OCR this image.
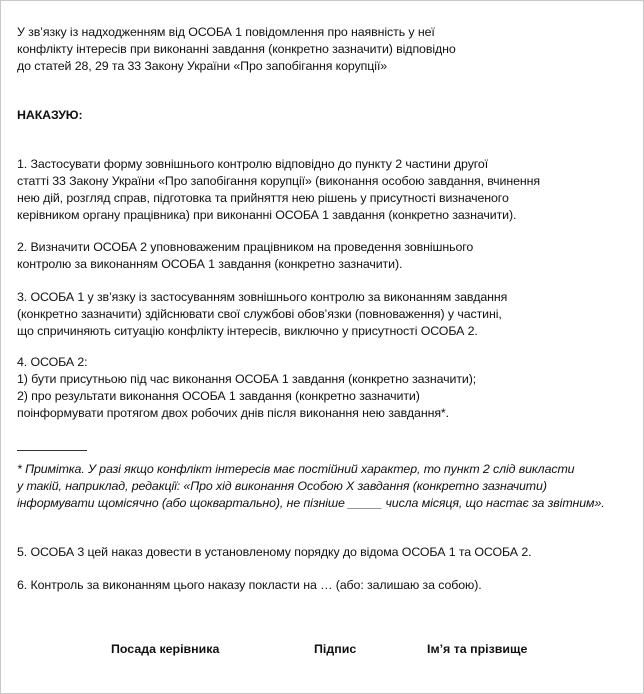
У зв’язку із надходженням від ОСОБА 1 повідомлення про наявність у неї
конфлікту інтересів при виконанні завдання (конкретно зазначити) відповідно
до статей 28, 29 та 33 Закону України «Про запобігання корупції»
НАКАЗУЮ:
1. Застосувати форму зовнішнього контролю відповідно до пункту 2 частини другої
статті 33 Закону України «Про запобігання корупції» (виконання особою завдання, вчинення
нею дій, розгляд справ, підготовка та прийняття нею рішень у присутності визначеного
керівником органу працівника) при виконанні ОСОБА 1 завдання (конкретно зазначити).
2. Визначити ОСОБА 2 уповноваженим працівником на проведення зовнішнього
контролю за виконанням ОСОБА 1 завдання (конкретно зазначити).
3. ОСОБА 1 у зв’язку із застосуванням зовнішнього контролю за виконанням завдання
(конкретно зазначити) здійснювати свої службові обов’язки (повноваження) у частині,
що спричиняють ситуацію конфлікту інтересів, виключно у присутності ОСОБА 2.
4. ОСОБА 2:
1) бути присутньою під час виконання ОСОБА 1 завдання (конкретно зазначити);
2) про результати виконання ОСОБА 1 завдання (конкретно зазначити)
поінформувати протягом двох робочих днів після виконання нею завдання*.
* Примітка. У разі якщо конфлікт інтересів має постійний характер, то пункт 2 слід викласти
у такій, наприклад, редакції: «Про хід виконання Особою Х завдання (конкретно зазначити)
інформувати щомісячно (або щоквартально), не пізніше _____ числа місяця, що настає за звітним».
5. ОСОБА 3 цей наказ довести в установленому порядку до відома ОСОБА 1 та ОСОБА 2.
6. Контроль за виконанням цього наказу покласти на … (або: залишаю за собою).
Посада керівника	Підпис	Ім’я та прізвище
